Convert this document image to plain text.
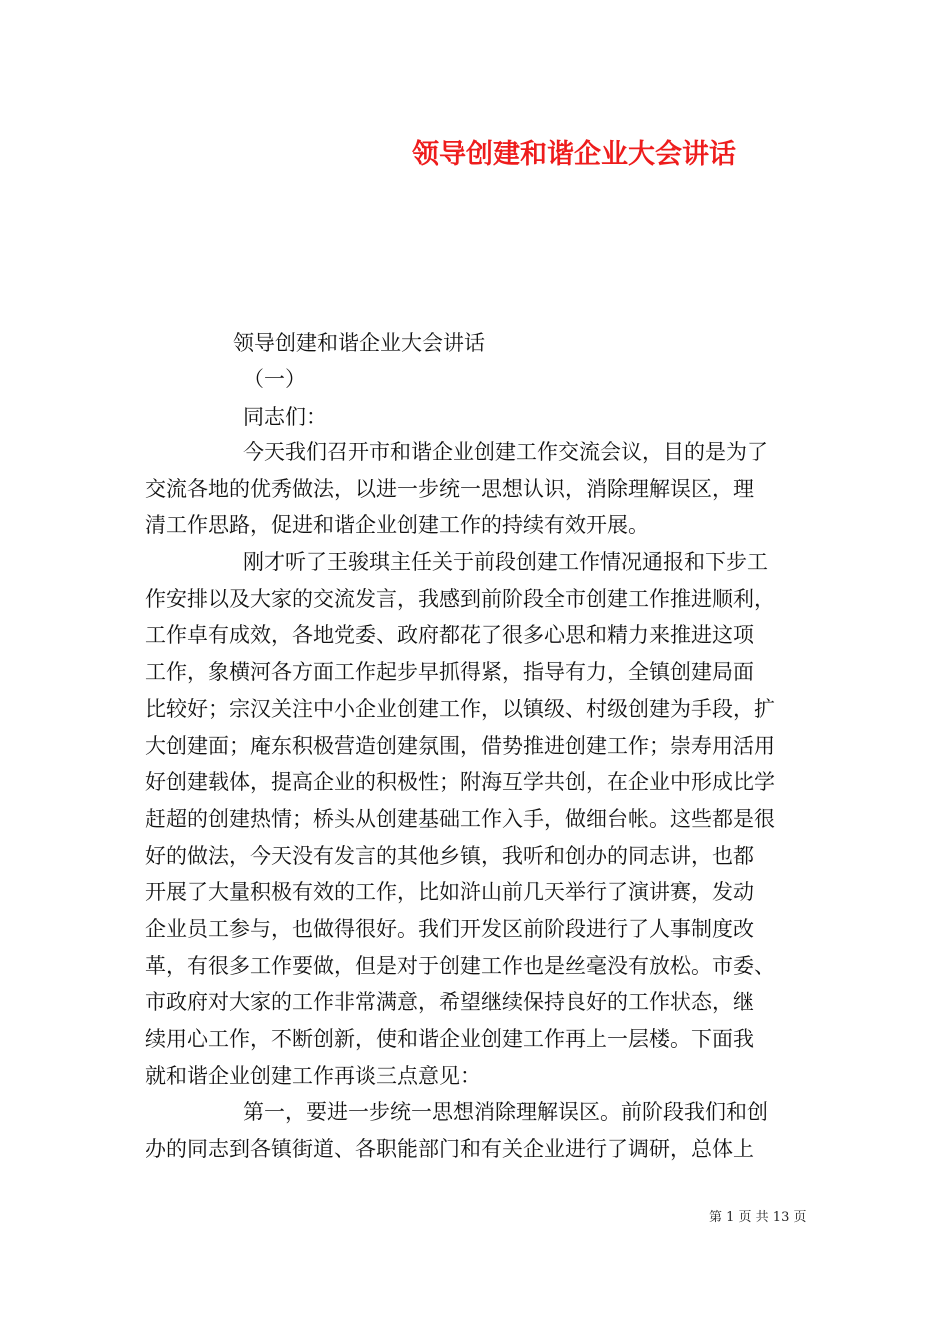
领导创建和谐企业大会讲话
领导创建和谐企业大会讲话
（一）
同志们：
今天我们召开市和谐企业创建工作交流会议，目的是为了
交流各地的优秀做法，以进一步统一思想认识，消除理解误区，理
清工作思路，促进和谐企业创建工作的持续有效开展。
刚才听了王骏琪主任关于前段创建工作情况通报和下步工
作安排以及大家的交流发言，我感到前阶段全市创建工作推进顺利，
工作卓有成效，各地党委、政府都花了很多心思和精力来推进这项
工作，象横河各方面工作起步早抓得紧，指导有力，全镇创建局面
比较好；宗汉关注中小企业创建工作，以镇级、村级创建为手段，扩
大创建面；庵东积极营造创建氛围，借势推进创建工作；崇寿用活用
好创建载体，提高企业的积极性；附海互学共创，在企业中形成比学
赶超的创建热情；桥头从创建基础工作入手，做细台帐。这些都是很
好的做法，今天没有发言的其他乡镇，我听和创办的同志讲，也都
开展了大量积极有效的工作，比如浒山前几天举行了演讲赛，发动
企业员工参与，也做得很好。我们开发区前阶段进行了人事制度改
革，有很多工作要做，但是对于创建工作也是丝毫没有放松。市委、
市政府对大家的工作非常满意，希望继续保持良好的工作状态，继
续用心工作，不断创新，使和谐企业创建工作再上一层楼。下面我
就和谐企业创建工作再谈三点意见：
第一，要进一步统一思想消除理解误区。前阶段我们和创
办的同志到各镇街道、各职能部门和有关企业进行了调研，总体上
第 1 页 共 13 页
